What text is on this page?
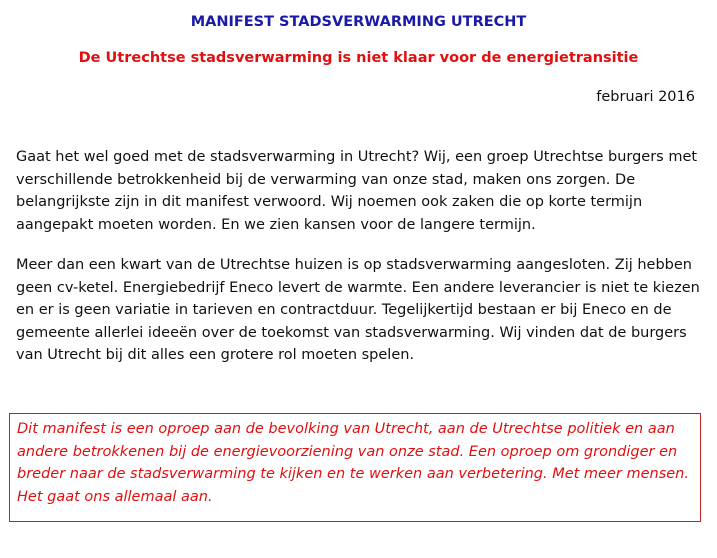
MANIFEST STADSVERWARMING UTRECHT
De Utrechtse stadsverwarming is niet klaar voor de energietransitie
februari 2016
Gaat het wel goed met de stadsverwarming in Utrecht? Wij, een groep Utrechtse burgers met
verschillende betrokkenheid bij de verwarming van onze stad, maken ons zorgen. De
belangrijkste zijn in dit manifest verwoord. Wij noemen ook zaken die op korte termijn
aangepakt moeten worden. En we zien kansen voor de langere termijn.
Meer dan een kwart van de Utrechtse huizen is op stadsverwarming aangesloten. Zij hebben
geen cv-ketel. Energiebedrijf Eneco levert de warmte. Een andere leverancier is niet te kiezen
en er is geen variatie in tarieven en contractduur. Tegelijkertijd bestaan er bij Eneco en de
gemeente allerlei ideeën over de toekomst van stadsverwarming. Wij vinden dat de burgers
van Utrecht bij dit alles een grotere rol moeten spelen.
Dit manifest is een oproep aan de bevolking van Utrecht, aan de Utrechtse politiek en aan
andere betrokkenen bij de energievoorziening van onze stad. Een oproep om grondiger en
breder naar de stadsverwarming te kijken en te werken aan verbetering. Met meer mensen.
Het gaat ons allemaal aan.
